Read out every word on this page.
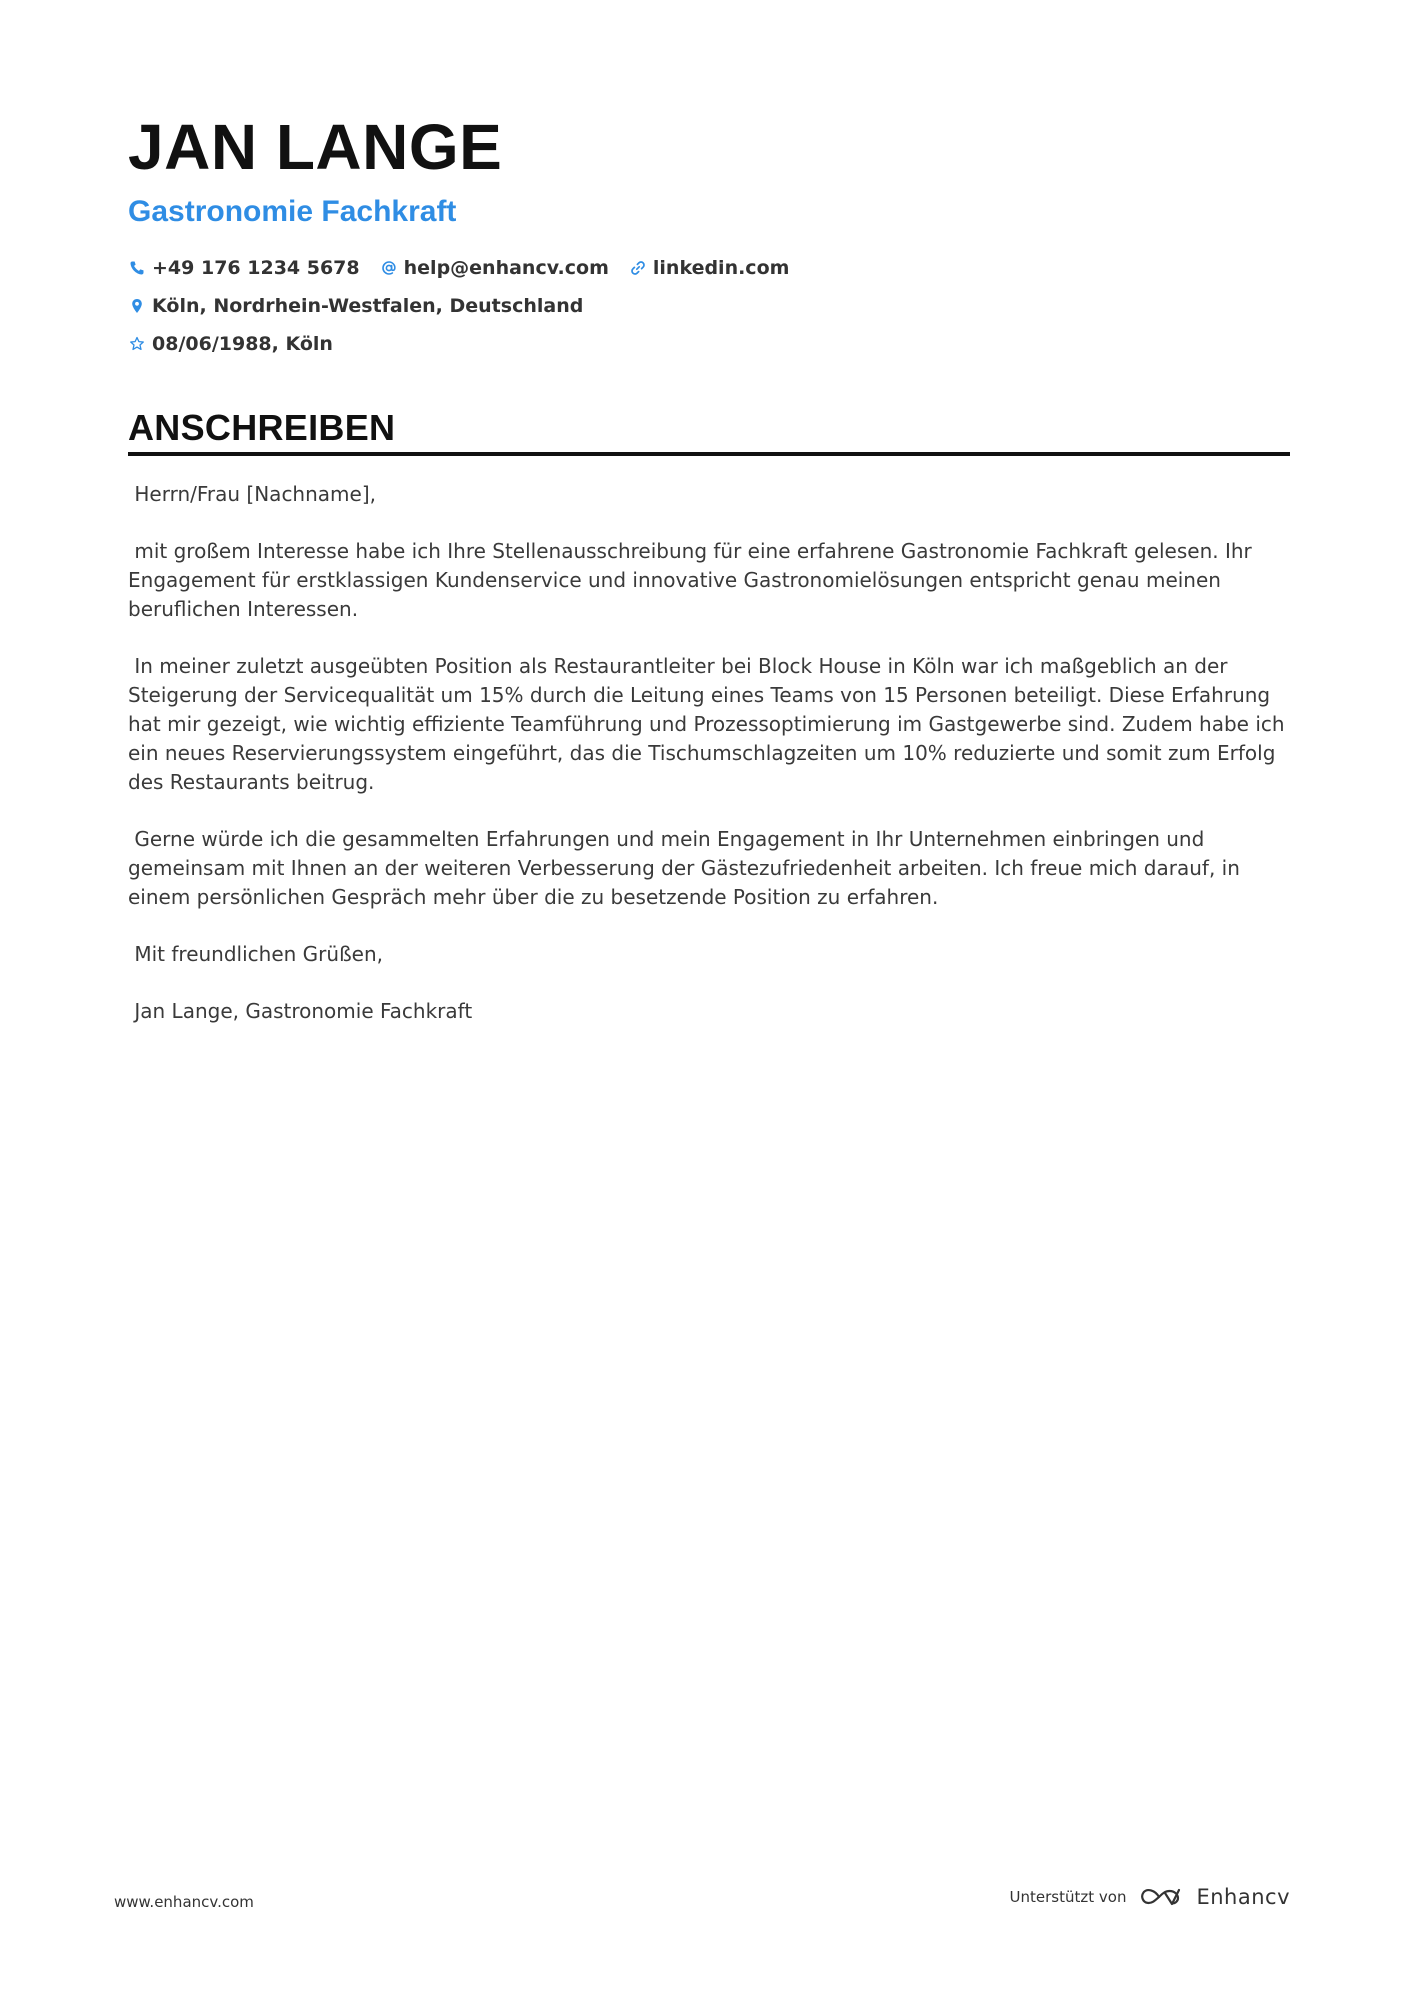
JAN LANGE
Gastronomie Fachkraft
+49 176 1234 5678 help@enhancv.com linkedin.com
Köln, Nordrhein-Westfalen, Deutschland
08/06/1988, Köln
ANSCHREIBEN

Herrn/Frau [Nachname],

mit großem Interesse habe ich Ihre Stellenausschreibung für eine erfahrene Gastronomie Fachkraft gelesen. Ihr Engagement für erstklassigen Kundenservice und innovative Gastronomielösungen entspricht genau meinen beruflichen Interessen.

In meiner zuletzt ausgeübten Position als Restaurantleiter bei Block House in Köln war ich maßgeblich an der Steigerung der Servicequalität um 15% durch die Leitung eines Teams von 15 Personen beteiligt. Diese Erfahrung hat mir gezeigt, wie wichtig effiziente Teamführung und Prozessoptimierung im Gastgewerbe sind. Zudem habe ich ein neues Reservierungssystem eingeführt, das die Tischumschlagzeiten um 10% reduzierte und somit zum Erfolg des Restaurants beitrug.

Gerne würde ich die gesammelten Erfahrungen und mein Engagement in Ihr Unternehmen einbringen und gemeinsam mit Ihnen an der weiteren Verbesserung der Gästezufriedenheit arbeiten. Ich freue mich darauf, in einem persönlichen Gespräch mehr über die zu besetzende Position zu erfahren.

Mit freundlichen Grüßen,

Jan Lange, Gastronomie Fachkraft

www.enhancv.com	Unterstützt von	Enhancv
